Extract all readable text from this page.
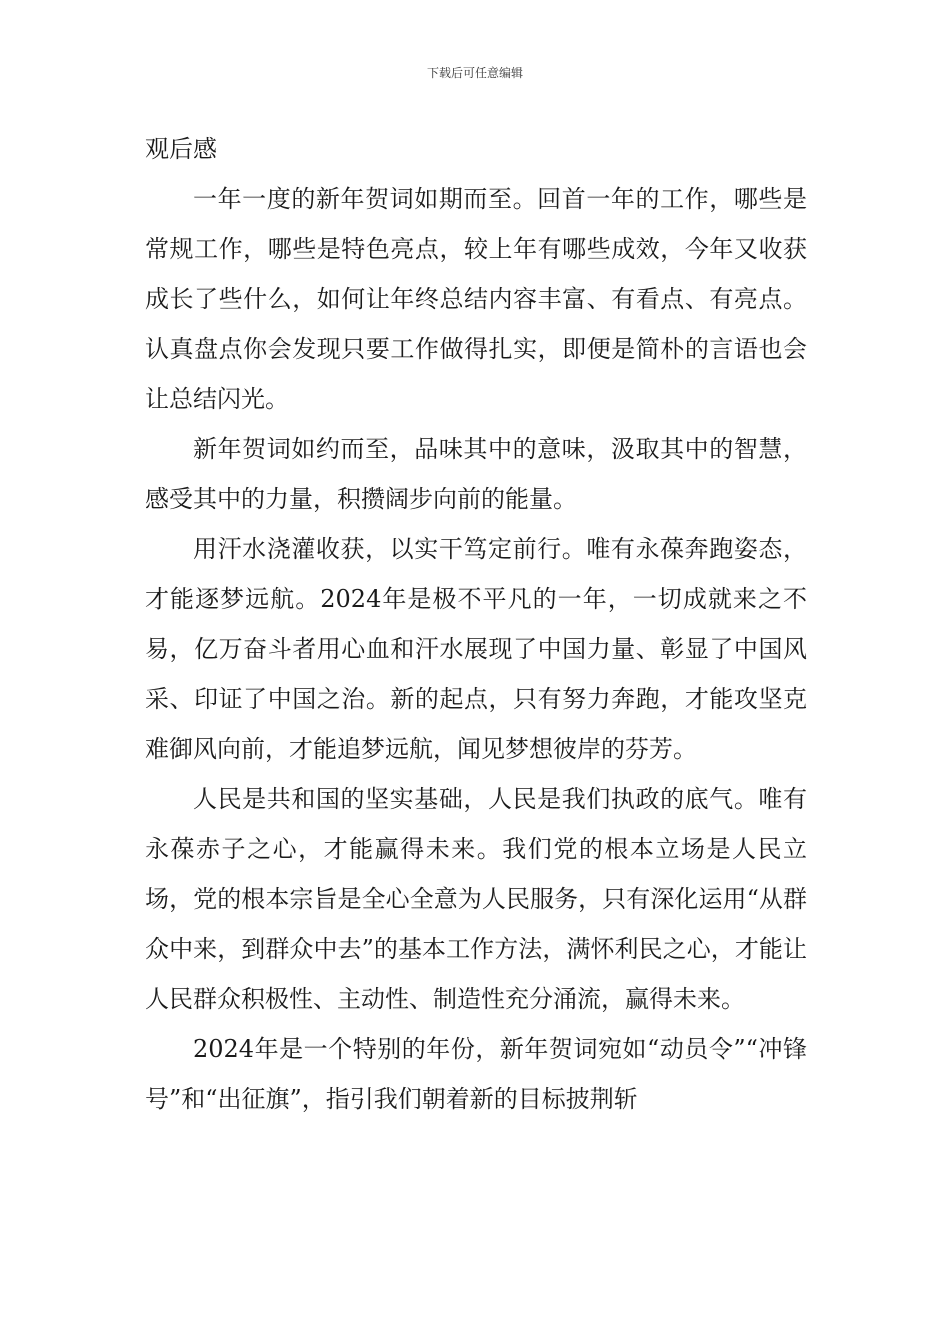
下载后可任意编辑
观后感

一年一度的新年贺词如期而至。回首一年的工作，哪些是常规工作，哪些是特色亮点，较上年有哪些成效，今年又收获成长了些什么，如何让年终总结内容丰富、有看点、有亮点。认真盘点你会发现只要工作做得扎实，即便是简朴的言语也会让总结闪光。

新年贺词如约而至，品味其中的意味，汲取其中的智慧，感受其中的力量，积攒阔步向前的能量。

用汗水浇灌收获，以实干笃定前行。唯有永葆奔跑姿态，才能逐梦远航。2024年是极不平凡的一年，一切成就来之不易，亿万奋斗者用心血和汗水展现了中国力量、彰显了中国风采、印证了中国之治。新的起点，只有努力奔跑，才能攻坚克难御风向前，才能追梦远航，闻见梦想彼岸的芬芳。

人民是共和国的坚实基础，人民是我们执政的底气。唯有永葆赤子之心，才能赢得未来。我们党的根本立场是人民立场，党的根本宗旨是全心全意为人民服务，只有深化运用“从群众中来，到群众中去”的基本工作方法，满怀利民之心，才能让人民群众积极性、主动性、制造性充分涌流，赢得未来。

2024年是一个特别的年份，新年贺词宛如“动员令”“冲锋号”和“出征旗”，指引我们朝着新的目标披荆斩
